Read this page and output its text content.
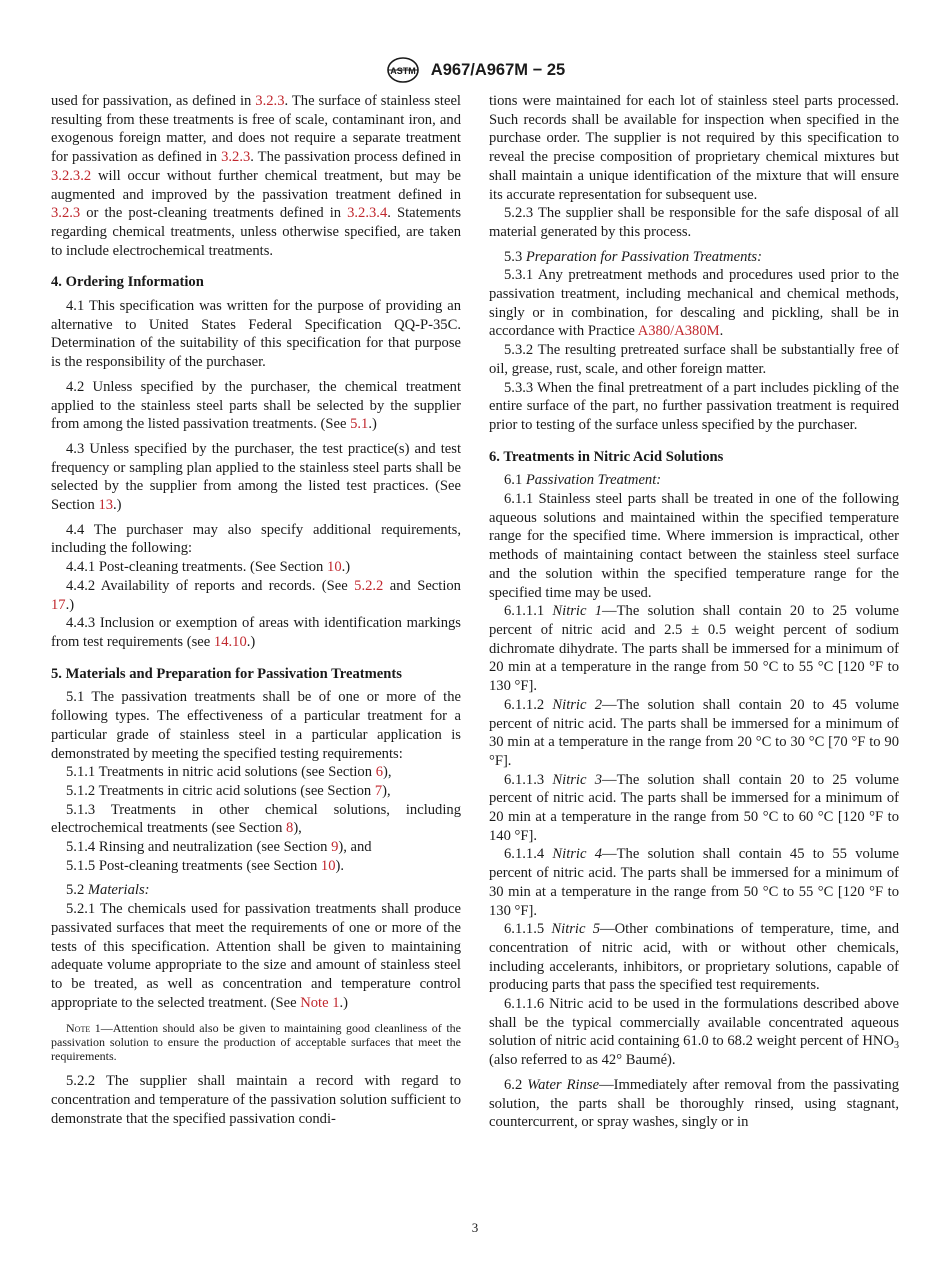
ASTM A967/A967M − 25

used for passivation, as defined in 3.2.3. The surface of stainless steel resulting from these treatments is free of scale, contaminant iron, and exogenous foreign matter, and does not require a separate treatment for passivation as defined in 3.2.3. The passivation process defined in 3.2.3.2 will occur without further chemical treatment, but may be augmented and improved by the passivation treatment defined in 3.2.3 or the post-cleaning treatments defined in 3.2.3.4. Statements regarding chemical treatments, unless otherwise specified, are taken to include electrochemical treatments.

4. Ordering Information

4.1 This specification was written for the purpose of providing an alternative to United States Federal Specification QQ-P-35C. Determination of the suitability of this specification for that purpose is the responsibility of the purchaser.

4.2 Unless specified by the purchaser, the chemical treatment applied to the stainless steel parts shall be selected by the supplier from among the listed passivation treatments. (See 5.1.)

4.3 Unless specified by the purchaser, the test practice(s) and test frequency or sampling plan applied to the stainless steel parts shall be selected by the supplier from among the listed test practices. (See Section 13.)

4.4 The purchaser may also specify additional requirements, including the following:

4.4.1 Post-cleaning treatments. (See Section 10.)

4.4.2 Availability of reports and records. (See 5.2.2 and Section 17.)

4.4.3 Inclusion or exemption of areas with identification markings from test requirements (see 14.10.)

5. Materials and Preparation for Passivation Treatments

5.1 The passivation treatments shall be of one or more of the following types. The effectiveness of a particular treatment for a particular grade of stainless steel in a particular application is demonstrated by meeting the specified testing requirements:

5.1.1 Treatments in nitric acid solutions (see Section 6),

5.1.2 Treatments in citric acid solutions (see Section 7),

5.1.3 Treatments in other chemical solutions, including electrochemical treatments (see Section 8),

5.1.4 Rinsing and neutralization (see Section 9), and

5.1.5 Post-cleaning treatments (see Section 10).

5.2 Materials:

5.2.1 The chemicals used for passivation treatments shall produce passivated surfaces that meet the requirements of one or more of the tests of this specification. Attention shall be given to maintaining adequate volume appropriate to the size and amount of stainless steel to be treated, as well as concentration and temperature control appropriate to the selected treatment. (See Note 1.)

Note 1—Attention should also be given to maintaining good cleanliness of the passivation solution to ensure the production of acceptable surfaces that meet the requirements.

5.2.2 The supplier shall maintain a record with regard to concentration and temperature of the passivation solution sufficient to demonstrate that the specified passivation condi-

tions were maintained for each lot of stainless steel parts processed. Such records shall be available for inspection when specified in the purchase order. The supplier is not required by this specification to reveal the precise composition of proprietary chemical mixtures but shall maintain a unique identification of the mixture that will ensure its accurate representation for subsequent use.

5.2.3 The supplier shall be responsible for the safe disposal of all material generated by this process.

5.3 Preparation for Passivation Treatments:

5.3.1 Any pretreatment methods and procedures used prior to the passivation treatment, including mechanical and chemical methods, singly or in combination, for descaling and pickling, shall be in accordance with Practice A380/A380M.

5.3.2 The resulting pretreated surface shall be substantially free of oil, grease, rust, scale, and other foreign matter.

5.3.3 When the final pretreatment of a part includes pickling of the entire surface of the part, no further passivation treatment is required prior to testing of the surface unless specified by the purchaser.

6. Treatments in Nitric Acid Solutions

6.1 Passivation Treatment:

6.1.1 Stainless steel parts shall be treated in one of the following aqueous solutions and maintained within the specified temperature range for the specified time. Where immersion is impractical, other methods of maintaining contact between the stainless steel surface and the solution within the specified temperature range for the specified time may be used.

6.1.1.1 Nitric 1—The solution shall contain 20 to 25 volume percent of nitric acid and 2.5 ± 0.5 weight percent of sodium dichromate dihydrate. The parts shall be immersed for a minimum of 20 min at a temperature in the range from 50 °C to 55 °C [120 °F to 130 °F].

6.1.1.2 Nitric 2—The solution shall contain 20 to 45 volume percent of nitric acid. The parts shall be immersed for a minimum of 30 min at a temperature in the range from 20 °C to 30 °C [70 °F to 90 °F].

6.1.1.3 Nitric 3—The solution shall contain 20 to 25 volume percent of nitric acid. The parts shall be immersed for a minimum of 20 min at a temperature in the range from 50 °C to 60 °C [120 °F to 140 °F].

6.1.1.4 Nitric 4—The solution shall contain 45 to 55 volume percent of nitric acid. The parts shall be immersed for a minimum of 30 min at a temperature in the range from 50 °C to 55 °C [120 °F to 130 °F].

6.1.1.5 Nitric 5—Other combinations of temperature, time, and concentration of nitric acid, with or without other chemicals, including accelerants, inhibitors, or proprietary solutions, capable of producing parts that pass the specified test requirements.

6.1.1.6 Nitric acid to be used in the formulations described above shall be the typical commercially available concentrated aqueous solution of nitric acid containing 61.0 to 68.2 weight percent of $HNO_3$ (also referred to as 42° Baumé).

6.2 Water Rinse—Immediately after removal from the passivating solution, the parts shall be thoroughly rinsed, using stagnant, countercurrent, or spray washes, singly or in

3
